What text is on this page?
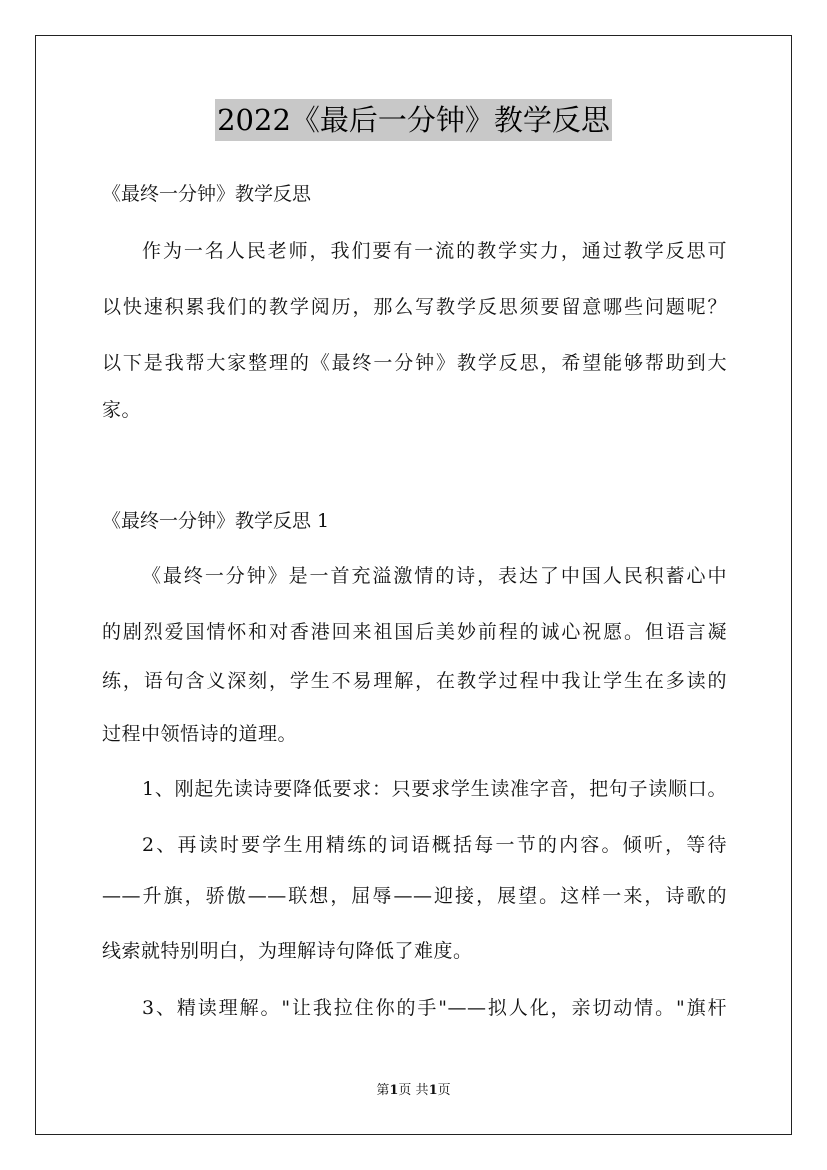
2022《最后一分钟》教学反思
《最终一分钟》教学反思
作为一名人民老师，我们要有一流的教学实力，通过教学反思可
以快速积累我们的教学阅历，那么写教学反思须要留意哪些问题呢？
以下是我帮大家整理的《最终一分钟》教学反思，希望能够帮助到大
家。
《最终一分钟》教学反思 1
《最终一分钟》是一首充溢激情的诗，表达了中国人民积蓄心中
的剧烈爱国情怀和对香港回来祖国后美妙前程的诚心祝愿。但语言凝
练，语句含义深刻，学生不易理解，在教学过程中我让学生在多读的
过程中领悟诗的道理。
1、刚起先读诗要降低要求：只要求学生读准字音，把句子读顺口。
2、再读时要学生用精练的词语概括每一节的内容。倾听，等待
——升旗，骄傲——联想，屈辱——迎接，展望。这样一来，诗歌的
线索就特别明白，为理解诗句降低了难度。
3、精读理解。"让我拉住你的手"——拟人化，亲切动情。"旗杆
第1页 共1页
